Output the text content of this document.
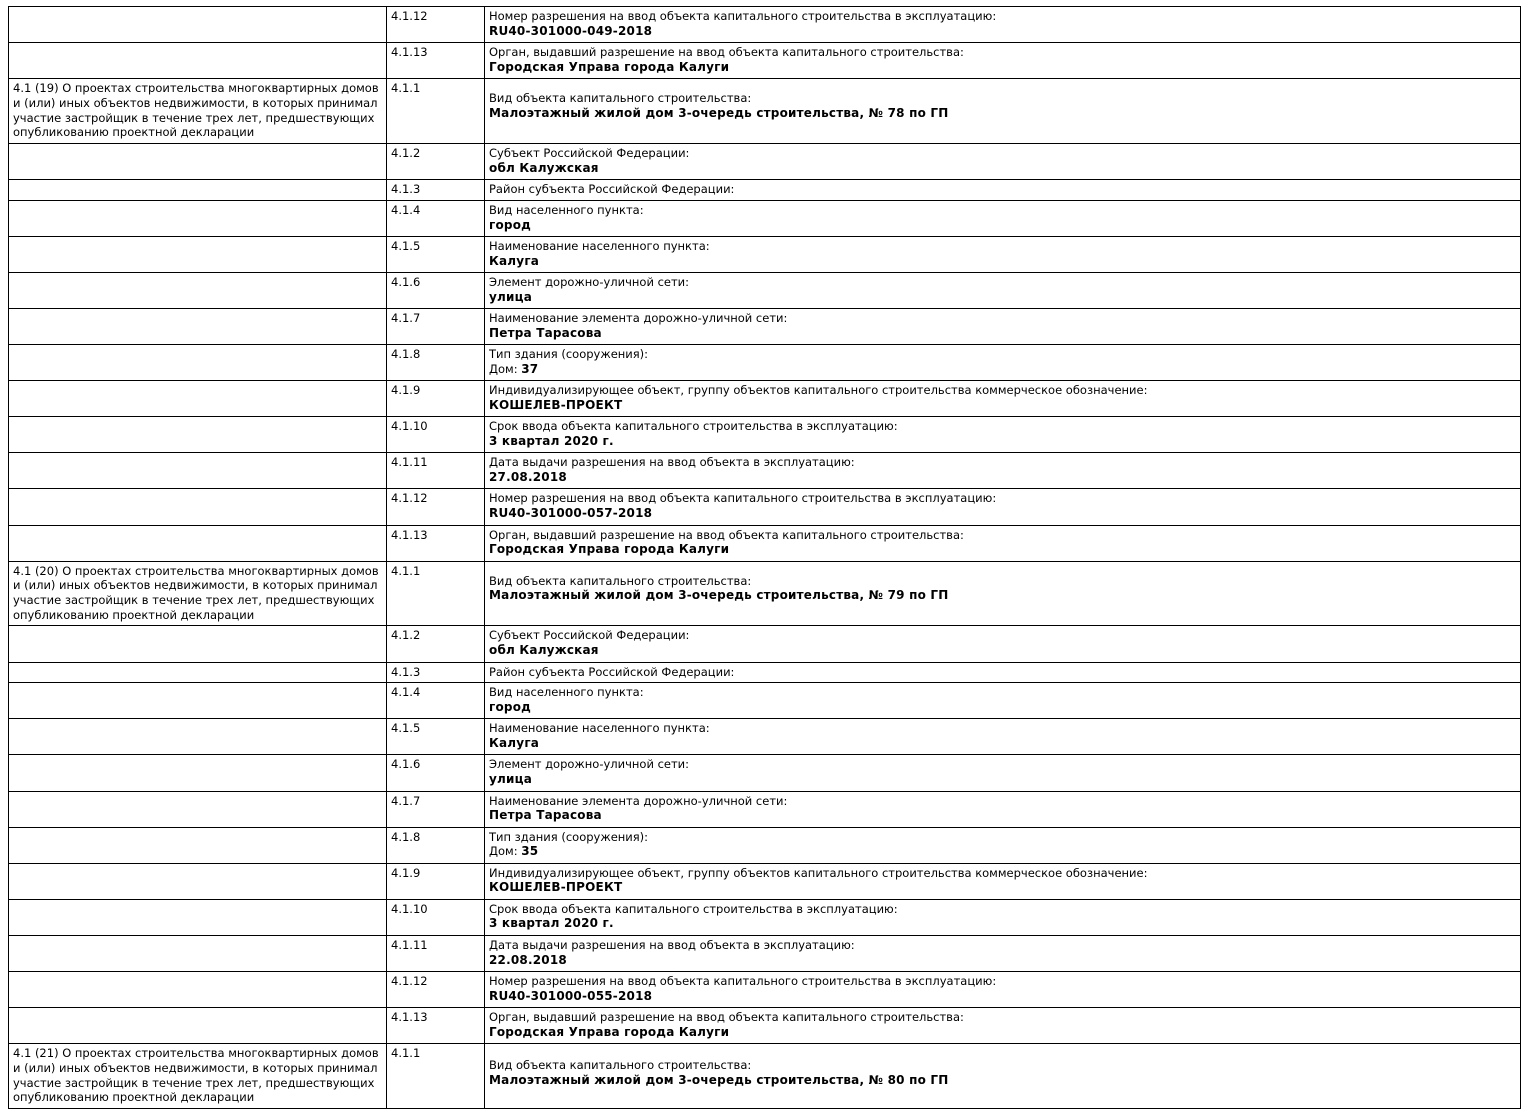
	4.1.12	Номер разрешения на ввод объекта капитального строительства в эксплуатацию:
RU40-301000-049-2018

	4.1.13	Орган, выдавший разрешение на ввод объекта капитального строительства:
Городская Управа города Калуги

4.1 (19) О проектах строительства многоквартирных домов и (или) иных объектов недвижимости, в которых принимал участие застройщик в течение трех лет, предшествующих опубликованию проектной декларации	4.1.1	Вид объекта капитального строительства:
Малоэтажный жилой дом 3-очередь строительства, № 78 по ГП

	4.1.2	Субъект Российской Федерации:
обл Калужская

	4.1.3	Район субъекта Российской Федерации:

	4.1.4	Вид населенного пункта:
город

	4.1.5	Наименование населенного пункта:
Калуга

	4.1.6	Элемент дорожно-уличной сети:
улица

	4.1.7	Наименование элемента дорожно-уличной сети:
Петра Тарасова

	4.1.8	Тип здания (сооружения):
Дом: 37

	4.1.9	Индивидуализирующее объект, группу объектов капитального строительства коммерческое обозначение:
КОШЕЛЕВ-ПРОЕКТ

	4.1.10	Срок ввода объекта капитального строительства в эксплуатацию:
3 квартал 2020 г.

	4.1.11	Дата выдачи разрешения на ввод объекта в эксплуатацию:
27.08.2018

	4.1.12	Номер разрешения на ввод объекта капитального строительства в эксплуатацию:
RU40-301000-057-2018

	4.1.13	Орган, выдавший разрешение на ввод объекта капитального строительства:
Городская Управа города Калуги

4.1 (20) О проектах строительства многоквартирных домов и (или) иных объектов недвижимости, в которых принимал участие застройщик в течение трех лет, предшествующих опубликованию проектной декларации	4.1.1	Вид объекта капитального строительства:
Малоэтажный жилой дом 3-очередь строительства, № 79 по ГП

	4.1.2	Субъект Российской Федерации:
обл Калужская

	4.1.3	Район субъекта Российской Федерации:

	4.1.4	Вид населенного пункта:
город

	4.1.5	Наименование населенного пункта:
Калуга

	4.1.6	Элемент дорожно-уличной сети:
улица

	4.1.7	Наименование элемента дорожно-уличной сети:
Петра Тарасова

	4.1.8	Тип здания (сооружения):
Дом: 35

	4.1.9	Индивидуализирующее объект, группу объектов капитального строительства коммерческое обозначение:
КОШЕЛЕВ-ПРОЕКТ

	4.1.10	Срок ввода объекта капитального строительства в эксплуатацию:
3 квартал 2020 г.

	4.1.11	Дата выдачи разрешения на ввод объекта в эксплуатацию:
22.08.2018

	4.1.12	Номер разрешения на ввод объекта капитального строительства в эксплуатацию:
RU40-301000-055-2018

	4.1.13	Орган, выдавший разрешение на ввод объекта капитального строительства:
Городская Управа города Калуги

4.1 (21) О проектах строительства многоквартирных домов и (или) иных объектов недвижимости, в которых принимал участие застройщик в течение трех лет, предшествующих опубликованию проектной декларации	4.1.1	Вид объекта капитального строительства:
Малоэтажный жилой дом 3-очередь строительства, № 80 по ГП
